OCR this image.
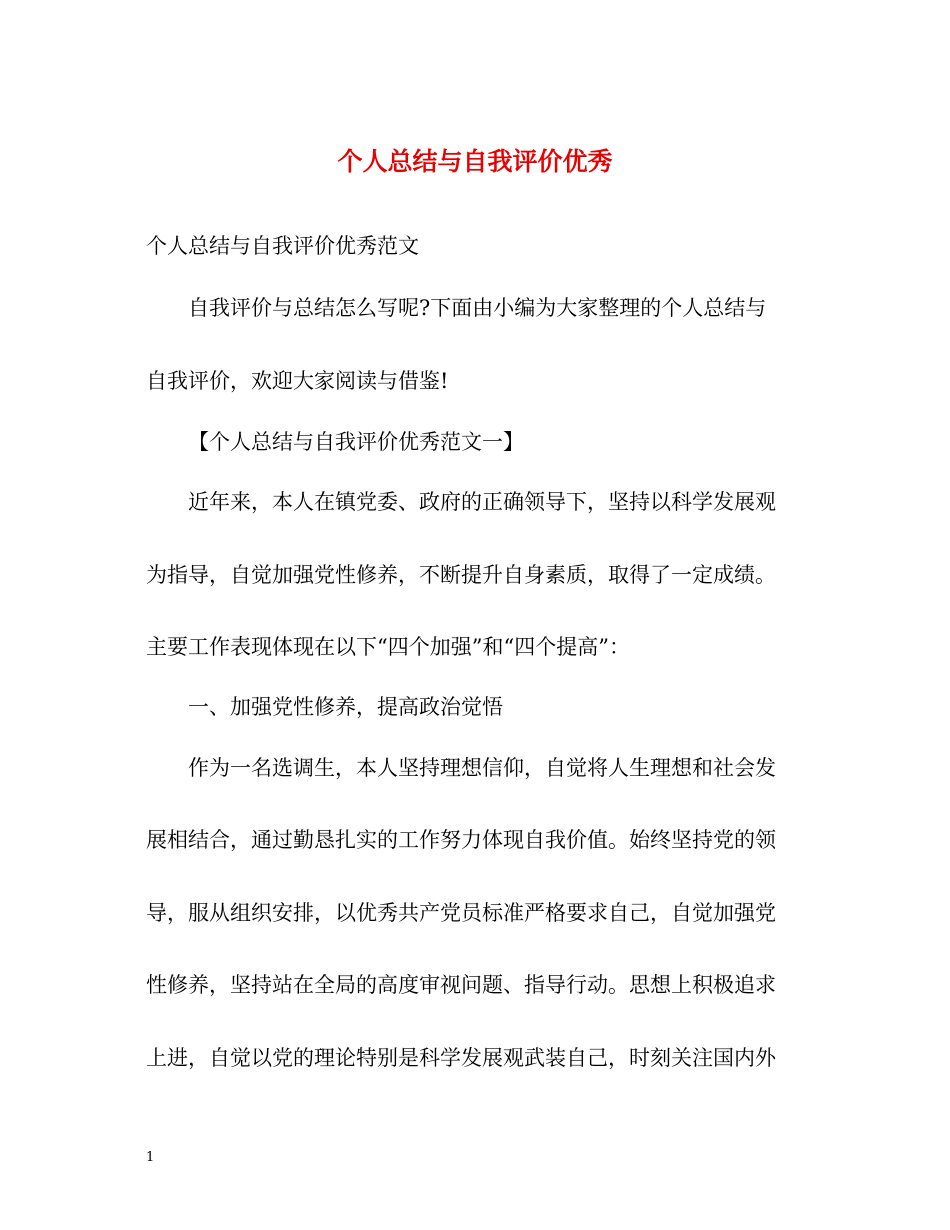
个人总结与自我评价优秀
个人总结与自我评价优秀范文
自我评价与总结怎么写呢?下面由小编为大家整理的个人总结与
自我评价，欢迎大家阅读与借鉴!
【个人总结与自我评价优秀范文一】
近年来，本人在镇党委、政府的正确领导下，坚持以科学发展观
为指导，自觉加强党性修养，不断提升自身素质，取得了一定成绩。
主要工作表现体现在以下“四个加强”和“四个提高”：
一、加强党性修养，提高政治觉悟
作为一名选调生，本人坚持理想信仰，自觉将人生理想和社会发
展相结合，通过勤恳扎实的工作努力体现自我价值。始终坚持党的领
导，服从组织安排，以优秀共产党员标准严格要求自己，自觉加强党
性修养，坚持站在全局的高度审视问题、指导行动。思想上积极追求
上进，自觉以党的理论特别是科学发展观武装自己，时刻关注国内外
1
